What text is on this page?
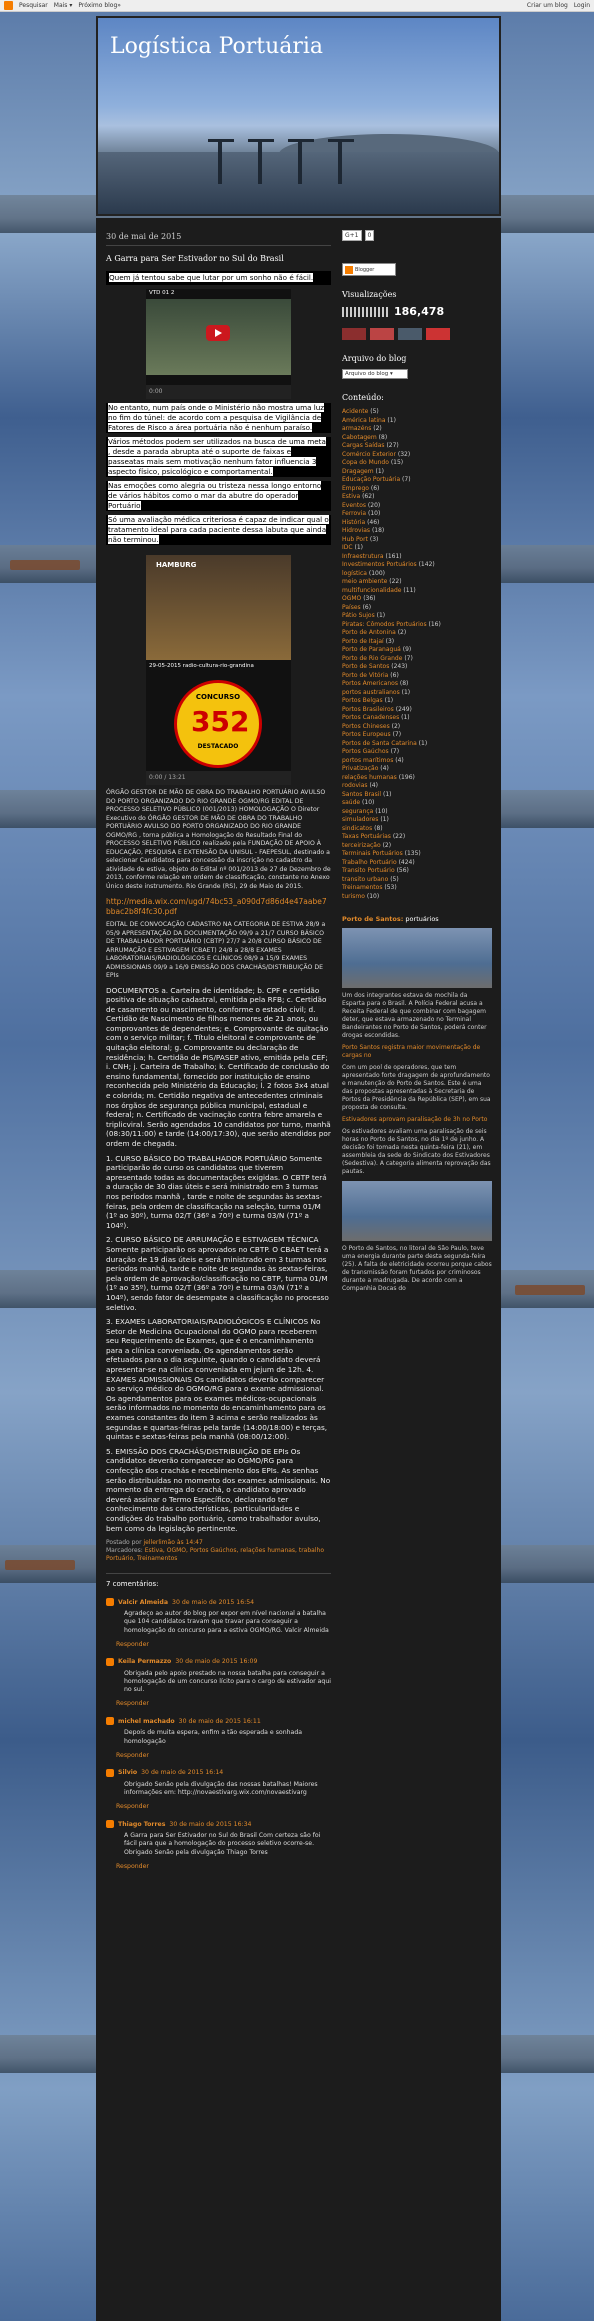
Pesquisar Mais ▾ Próximo blog»	Criar um blog Login
Logística Portuária
30 de mai de 2015
A Garra para Ser Estivador no Sul do Brasil
Quem já tentou sabe que lutar por um sonho não é fácil.
VTD 01 2
0:00
No entanto, num país onde o Ministério não mostra uma luz no fim do túnel: de acordo com a pesquisa de Vigilância de Fatores de Risco a área portuária não é nenhum paraíso.
Vários métodos podem ser utilizados na busca de uma meta , desde a parada abrupta até o suporte de faixas e passeatas mais sem motivação nenhum fator influencia 3 aspecto físico, psicológico e comportamental.
Nas emoções como alegria ou tristeza nessa longo entorno de vários hábitos como o mar da abutre do operador Portuário
Só uma avaliação médica criteriosa é capaz de indicar qual o tratamento ideal para cada paciente dessa labuta que ainda não terminou.
HAMBURG
29-05-2015 radio-cultura-rio-grandina
CONCURSO
352
DESTACADO
0:00 / 13:21
ÓRGÃO GESTOR DE MÃO DE OBRA DO TRABALHO PORTUÁRIO AVULSO DO PORTO ORGANIZADO DO RIO GRANDE OGMO/RG EDITAL DE PROCESSO SELETIVO PÚBLICO (001/2013) HOMOLOGAÇÃO O Diretor Executivo do ÓRGÃO GESTOR DE MÃO DE OBRA DO TRABALHO PORTUÁRIO AVULSO DO PORTO ORGANIZADO DO RIO GRANDE OGMO/RG , torna pública a Homologação do Resultado Final do PROCESSO SELETIVO PÚBLICO realizado pela FUNDAÇÃO DE APOIO À EDUCAÇÃO, PESQUISA E EXTENSÃO DA UNISUL - FAEPESUL, destinado a selecionar Candidatos para concessão da inscrição no cadastro da atividade de estiva, objeto do Edital nº 001/2013 de 27 de Dezembro de 2013, conforme relação em ordem de classificação, constante no Anexo Único deste instrumento. Rio Grande (RS), 29 de Maio de 2015.
http://media.wix.com/ugd/74bc53_a090d7d86d4e47aabe7bbac2b8f4fc30.pdf
EDITAL DE CONVOCAÇÃO CADASTRO NA CATEGORIA DE ESTIVA 28/9 a 05/9 APRESENTAÇÃO DA DOCUMENTAÇÃO 09/9 a 21/7 CURSO BÁSICO DE TRABALHADOR PORTUÁRIO (CBTP) 27/7 a 20/8 CURSO BÁSICO DE ARRUMAÇÃO E ESTIVAGEM (CBAET) 24/8 a 28/8 EXAMES LABORATORIAIS/RADIOLÓGICOS E CLÍNICOS 08/9 a 15/9 EXAMES ADMISSIONAIS 09/9 a 16/9 EMISSÃO DOS CRACHÁS/DISTRIBUIÇÃO DE EPIs
DOCUMENTOS a. Carteira de identidade; b. CPF e certidão positiva de situação cadastral, emitida pela RFB; c. Certidão de casamento ou nascimento, conforme o estado civil; d. Certidão de Nascimento de filhos menores de 21 anos, ou comprovantes de dependentes; e. Comprovante de quitação com o serviço militar; f. Título eleitoral e comprovante de quitação eleitoral; g. Comprovante ou declaração de residência; h. Certidão de PIS/PASEP ativo, emitida pela CEF; i. CNH; j. Carteira de Trabalho; k. Certificado de conclusão do ensino fundamental, fornecido por instituição de ensino reconhecida pelo Ministério da Educação; l. 2 fotos 3x4 atual e colorida; m. Certidão negativa de antecedentes criminais nos órgãos de segurança pública municipal, estadual e federal; n. Certificado de vacinação contra febre amarela e triplicviral. Serão agendados 10 candidatos por turno, manhã (08:30/11:00) e tarde (14:00/17:30), que serão atendidos por ordem de chegada.
1. CURSO BÁSICO DO TRABALHADOR PORTUÁRIO Somente participarão do curso os candidatos que tiverem apresentado todas as documentações exigidas. O CBTP terá a duração de 30 dias úteis e será ministrado em 3 turmas nos períodos manhã , tarde e noite de segundas às sextas-feiras, pela ordem de classificação na seleção, turma 01/M (1º ao 30º), turma 02/T (36º a 70º) e turma 03/N (71º a 104º).
2. CURSO BÁSICO DE ARRUMAÇÃO E ESTIVAGEM TÉCNICA Somente participarão os aprovados no CBTP. O CBAET terá a duração de 19 dias úteis e será ministrado em 3 turmas nos períodos manhã, tarde e noite de segundas às sextas-feiras, pela ordem de aprovação/classificação no CBTP, turma 01/M (1º ao 35º), turma 02/T (36º a 70º) e turma 03/N (71º a 104º), sendo fator de desempate a classificação no processo seletivo.
3. EXAMES LABORATORIAIS/RADIOLÓGICOS E CLÍNICOS No Setor de Medicina Ocupacional do OGMO para receberem seu Requerimento de Exames, que é o encaminhamento para a clínica conveniada. Os agendamentos serão efetuados para o dia seguinte, quando o candidato deverá apresentar-se na clínica conveniada em jejum de 12h. 4. EXAMES ADMISSIONAIS Os candidatos deverão comparecer ao serviço médico do OGMO/RG para o exame admissional. Os agendamentos para os exames médicos-ocupacionais serão informados no momento do encaminhamento para os exames constantes do item 3 acima e serão realizados às segundas e quartas-feiras pela tarde (14:00/18:00) e terças, quintas e sextas-feiras pela manhã (08:00/12:00).
5. EMISSÃO DOS CRACHÁS/DISTRIBUIÇÃO DE EPIs Os candidatos deverão comparecer ao OGMO/RG para confecção dos crachás e recebimento dos EPIs. As senhas serão distribuídas no momento dos exames admissionais. No momento da entrega do crachá, o candidato aprovado deverá assinar o Termo Específico, declarando ter conhecimento das características, particularidades e condições do trabalho portuário, como trabalhador avulso, bem como da legislação pertinente.
Postado por jellerlimão às 14:47
Marcadores: Estiva, OGMO, Portos Gaúchos, relações humanas, trabalho Portuário, Treinamentos
7 comentários:
Valcir Almeida 30 de maio de 2015 16:54
Agradeço ao autor do blog por expor em nível nacional a batalha que 104 candidatos travam que travar para conseguir a homologação do concurso para a estiva OGMO/RG. Valcir Almeida
Responder
Keila Permazzo 30 de maio de 2015 16:09
Obrigada pelo apoio prestado na nossa batalha para conseguir a homologação de um concurso lícito para o cargo de estivador aqui no sul.
Responder
michel machado 30 de maio de 2015 16:11
Depois de muita espera, enfim a tão esperada e sonhada homologação
Responder
Silvio 30 de maio de 2015 16:14
Obrigado Senão pela divulgação das nossas batalhas! Maiores informações em: http://novaestivarg.wix.com/novaestivarg
Responder
Thiago Torres 30 de maio de 2015 16:34
A Garra para Ser Estivador no Sul do Brasil Com certeza são foi fácil para que a homologação do processo seletivo ocorre-se. Obrigado Senão pela divulgação Thiago Torres
Responder
G+1	0
Blogger
Visualizações
186,478
Arquivo do blog
Arquivo do blog ▾
Conteúdo:
Acidente (5)
América latina (1)
armazéns (2)
Cabotagem (8)
Cargas Saídas (27)
Comércio Exterior (32)
Copa do Mundo (15)
Dragagem (1)
Educação Portuária (7)
Emprego (6)
Estiva (62)
Eventos (20)
Ferrovia (10)
História (46)
Hidrovias (18)
Hub Port (3)
IDC (1)
Infraestrutura (161)
Investimentos Portuários (142)
logística (100)
meio ambiente (22)
multifuncionalidade (11)
OGMO (36)
Países (6)
Pátio Sujos (1)
Piratas: Cômodos Portuários (16)
Porto de Antonina (2)
Porto de Itajaí (3)
Porto de Paranaguá (9)
Porto de Rio Grande (7)
Porto de Santos (243)
Porto de Vitória (6)
Portos Americanos (8)
portos australianos (1)
Portos Belgas (1)
Portos Brasileiros (249)
Portos Canadenses (1)
Portos Chineses (2)
Portos Europeus (7)
Portos de Santa Catarina (1)
Portos Gaúchos (7)
portos marítimos (4)
Privatização (4)
relações humanas (196)
rodovias (4)
Santos Brasil (1)
saúde (10)
segurança (10)
simuladores (1)
sindicatos (8)
Taxas Portuárias (22)
terceirização (2)
Terminais Portuários (135)
Trabalho Portuário (424)
Transito Portuário (56)
transito urbano (5)
Treinamentos (53)
turismo (10)
Porto de Santos: portuários
Um dos integrantes estava de mochila da Esparta para o Brasil. A Polícia Federal acusa a Receita Federal de que combinar com bagagem deter, que estava armazenado no Terminal Bandeirantes no Porto de Santos, poderá conter drogas escondidas.
Porto Santos registra maior movimentação de cargas no
Com um pool de operadores, que tem apresentado forte dragagem de aprofundamento e manutenção do Porto de Santos. Este é uma das propostas apresentadas à Secretaria de Portos da Presidência da República (SEP), em sua proposta de consulta.
Estivadores aprovam paralisação de 3h no Porto
Os estivadores avaliam uma paralisação de seis horas no Porto de Santos, no dia 1º de junho. A decisão foi tomada nesta quinta-feira (21), em assembleia da sede do Sindicato dos Estivadores (Sedestiva). A categoria alimenta reprovação das pautas.
O Porto de Santos, no litoral de São Paulo, teve uma energia durante parte desta segunda-feira (25). A falta de eletricidade ocorreu porque cabos de transmissão foram furtados por criminosos durante a madrugada. De acordo com a Companhia Docas do
